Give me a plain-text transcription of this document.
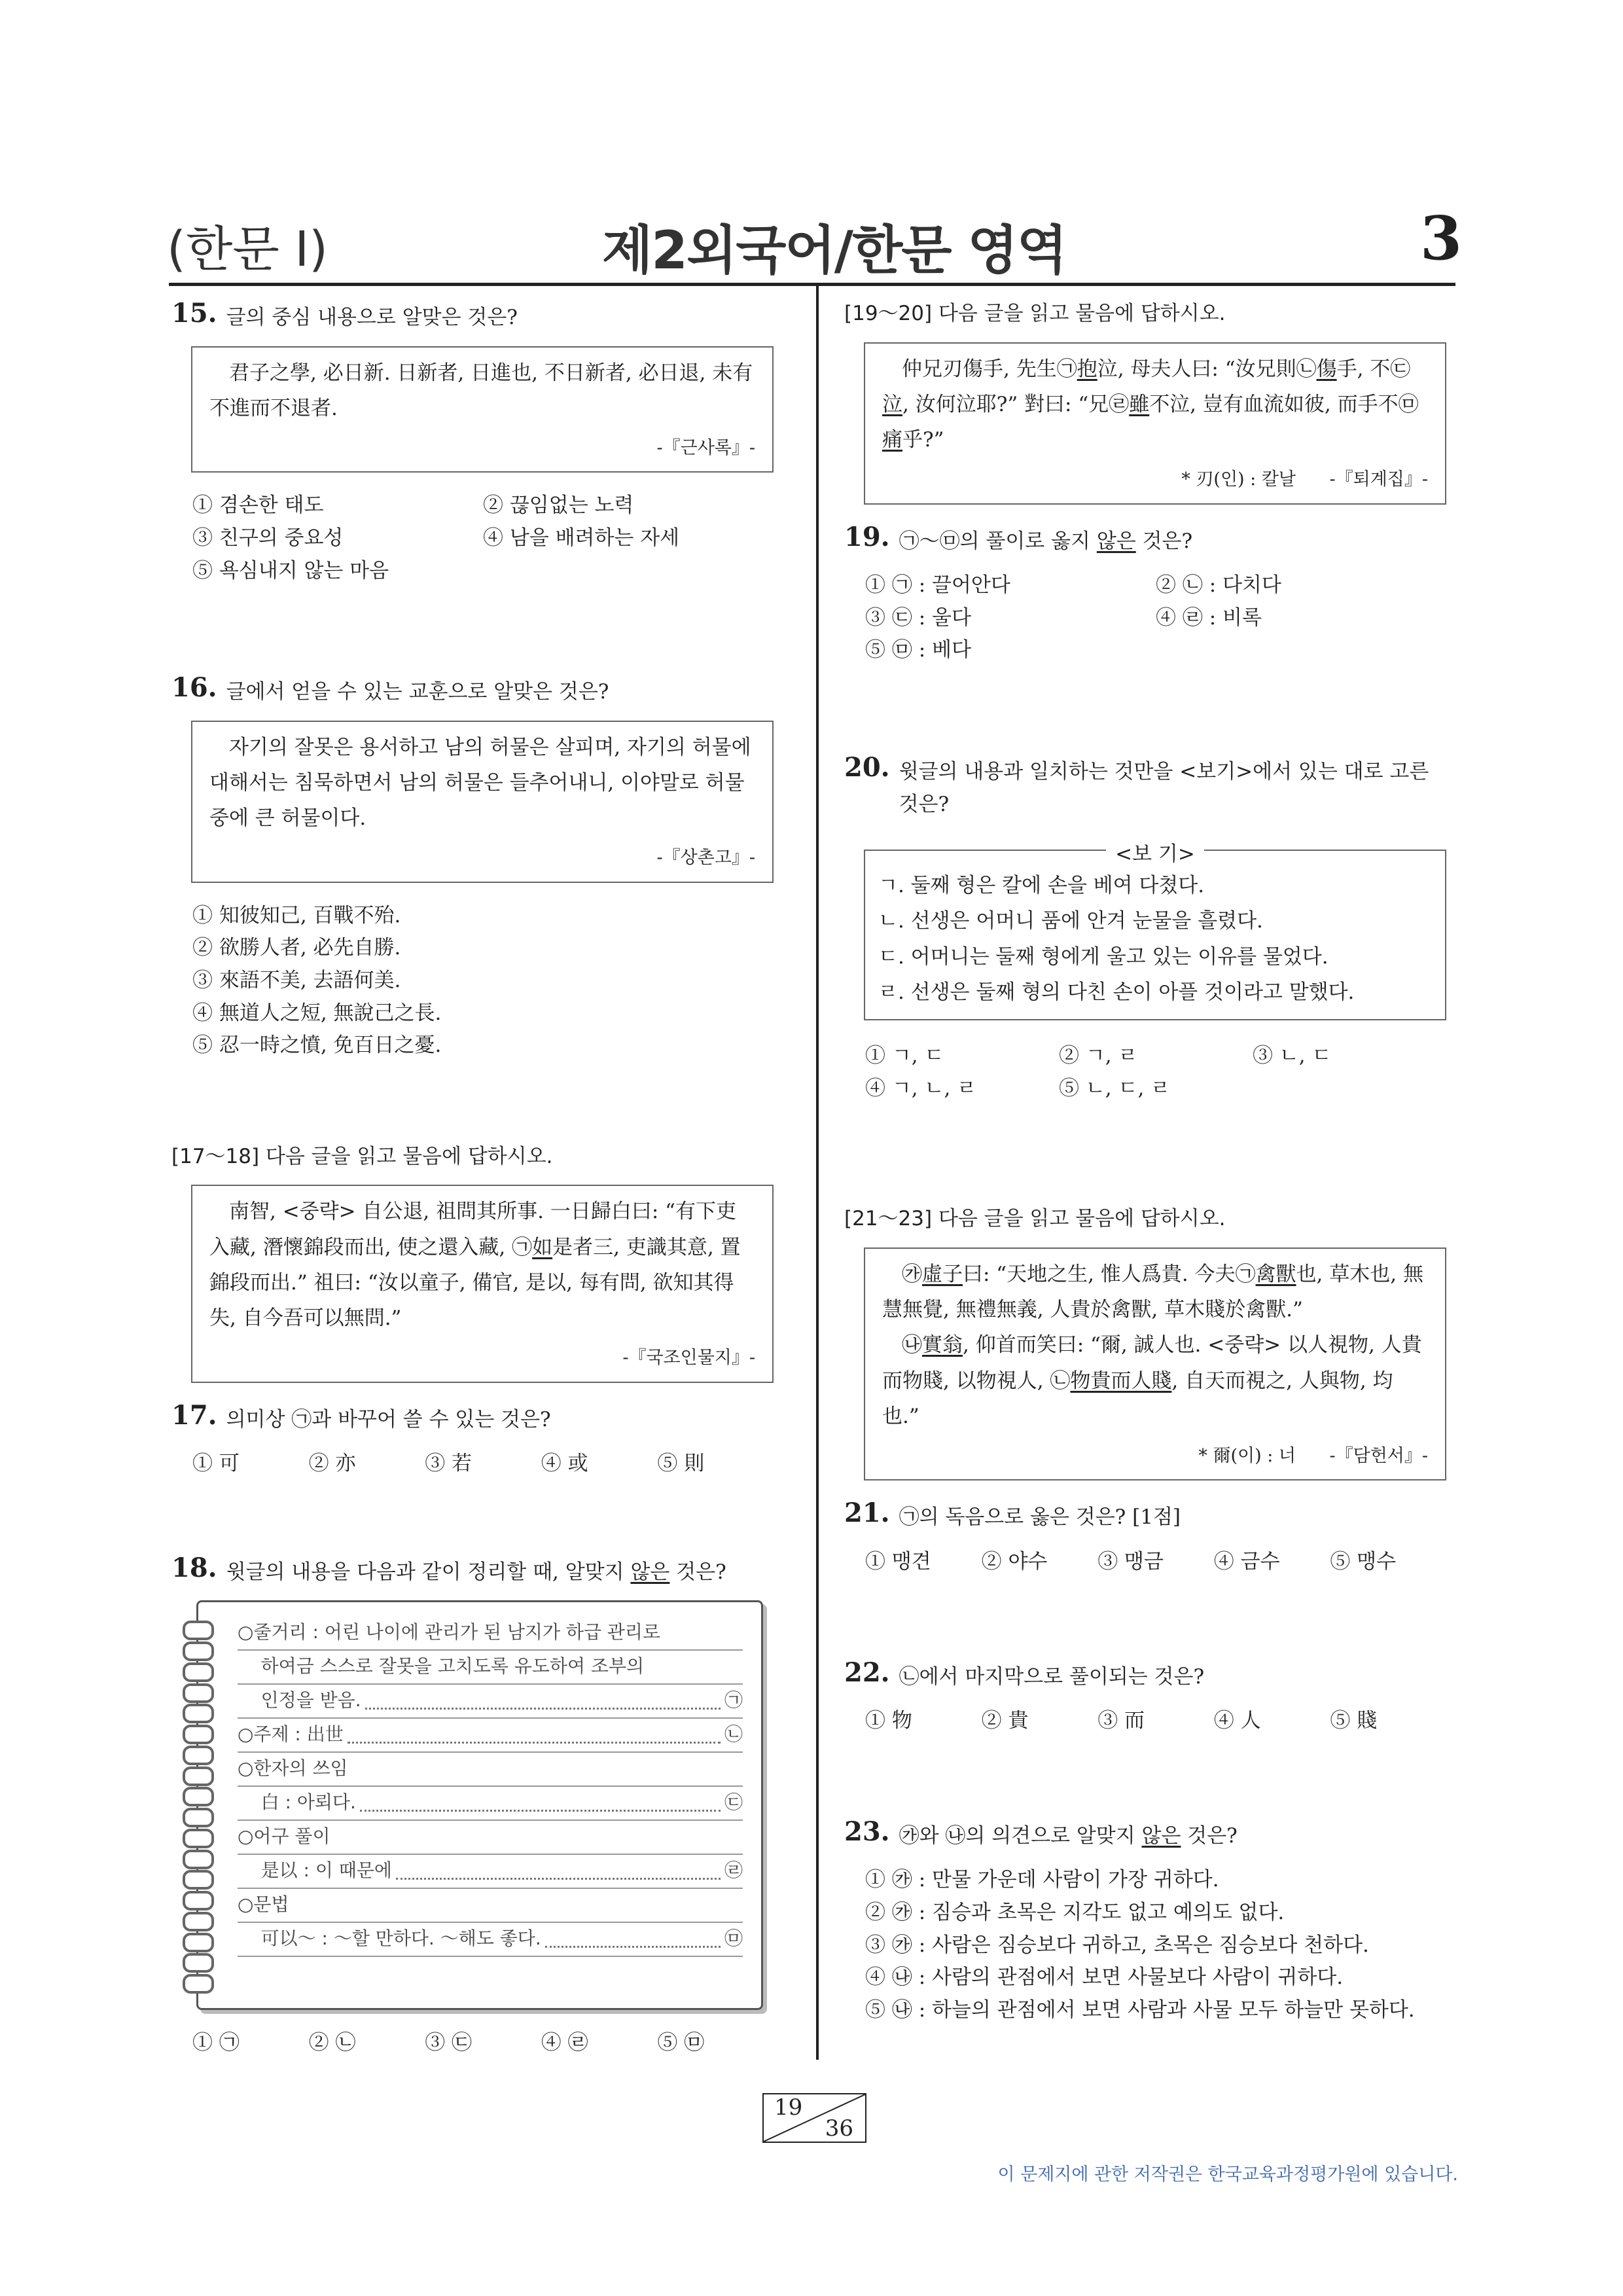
(한문 I)	제2외국어/한문 영역	3
15. 글의 중심 내용으로 알맞은 것은?

君子之學, 必日新. 日新者, 日進也, 不日新者, 必日退, 未有不進而不退者.

-『근사록』-
① 겸손한 태도	② 끊임없는 노력
③ 친구의 중요성	④ 남을 배려하는 자세
⑤ 욕심내지 않는 마음
16. 글에서 얻을 수 있는 교훈으로 알맞은 것은?

자기의 잘못은 용서하고 남의 허물은 살피며, 자기의 허물에 대해서는 침묵하면서 남의 허물은 들추어내니, 이야말로 허물 중에 큰 허물이다.

-『상촌고』-
① 知彼知己, 百戰不殆.
② 欲勝人者, 必先自勝.
③ 來語不美, 去語何美.
④ 無道人之短, 無說己之長.
⑤ 忍一時之憤, 免百日之憂.
[17～18] 다음 글을 읽고 물음에 답하시오.

南智, <중략> 自公退, 祖問其所事. 一日歸白曰: “有下吏入藏, 潛懷錦段而出, 使之還入藏, ㉠如是者三, 吏識其意, 置錦段而出.” 祖曰: “汝以童子, 備官, 是以, 每有問, 欲知其得失, 自今吾可以無問.”

-『국조인물지』-
17. 의미상 ㉠과 바꾸어 쓸 수 있는 것은?
① 可	② 亦	③ 若	④ 或	⑤ 則
18. 윗글의 내용을 다음과 같이 정리할 때, 알맞지 않은 것은?
○줄거리 : 어린 나이에 관리가 된 남지가 하급 관리로
하여금 스스로 잘못을 고치도록 유도하여 조부의
인정을 받음.	㉠
○주제 : 出世	㉡
○한자의 쓰임
白 : 아뢰다.	㉢
○어구 풀이
是以 : 이 때문에	㉣
○문법
可以～ : ～할 만하다. ～해도 좋다.	㉤
① ㉠	② ㉡	③ ㉢	④ ㉣	⑤ ㉤
[19～20] 다음 글을 읽고 물음에 답하시오.

仲兄刃傷手, 先生㉠抱泣, 母夫人曰: “汝兄則㉡傷手, 不㉢泣, 汝何泣耶?” 對曰: “兄㉣雖不泣, 豈有血流如彼, 而手不㉤痛乎?”

* 刃(인) : 칼날 -『퇴계집』-
19. ㉠～㉤의 풀이로 옳지 않은 것은?
① ㉠ : 끌어안다	② ㉡ : 다치다
③ ㉢ : 울다	④ ㉣ : 비록
⑤ ㉤ : 베다
20. 윗글의 내용과 일치하는 것만을 <보기>에서 있는 대로 고른 것은?
<보 기>
ㄱ. 둘째 형은 칼에 손을 베여 다쳤다.
ㄴ. 선생은 어머니 품에 안겨 눈물을 흘렸다.
ㄷ. 어머니는 둘째 형에게 울고 있는 이유를 물었다.
ㄹ. 선생은 둘째 형의 다친 손이 아플 것이라고 말했다.
① ㄱ, ㄷ	② ㄱ, ㄹ	③ ㄴ, ㄷ
④ ㄱ, ㄴ, ㄹ	⑤ ㄴ, ㄷ, ㄹ
[21～23] 다음 글을 읽고 물음에 답하시오.

㉮虛子曰: “天地之生, 惟人爲貴. 今夫㉠禽獸也, 草木也, 無慧無覺, 無禮無義, 人貴於禽獸, 草木賤於禽獸.”

㉯實翁, 仰首而笑曰: “爾, 誠人也. <중략> 以人視物, 人貴而物賤, 以物視人, ㉡物貴而人賤, 自天而視之, 人與物, 均也.”

* 爾(이) : 너 -『담헌서』-
21. ㉠의 독음으로 옳은 것은? [1점]
① 맹견	② 야수	③ 맹금	④ 금수	⑤ 맹수
22. ㉡에서 마지막으로 풀이되는 것은?
① 物	② 貴	③ 而	④ 人	⑤ 賤
23. ㉮와 ㉯의 의견으로 알맞지 않은 것은?
① ㉮ : 만물 가운데 사람이 가장 귀하다.
② ㉮ : 짐승과 초목은 지각도 없고 예의도 없다.
③ ㉮ : 사람은 짐승보다 귀하고, 초목은 짐승보다 천하다.
④ ㉯ : 사람의 관점에서 보면 사물보다 사람이 귀하다.
⑤ ㉯ : 하늘의 관점에서 보면 사람과 사물 모두 하늘만 못하다.
19
36
이 문제지에 관한 저작권은 한국교육과정평가원에 있습니다.
